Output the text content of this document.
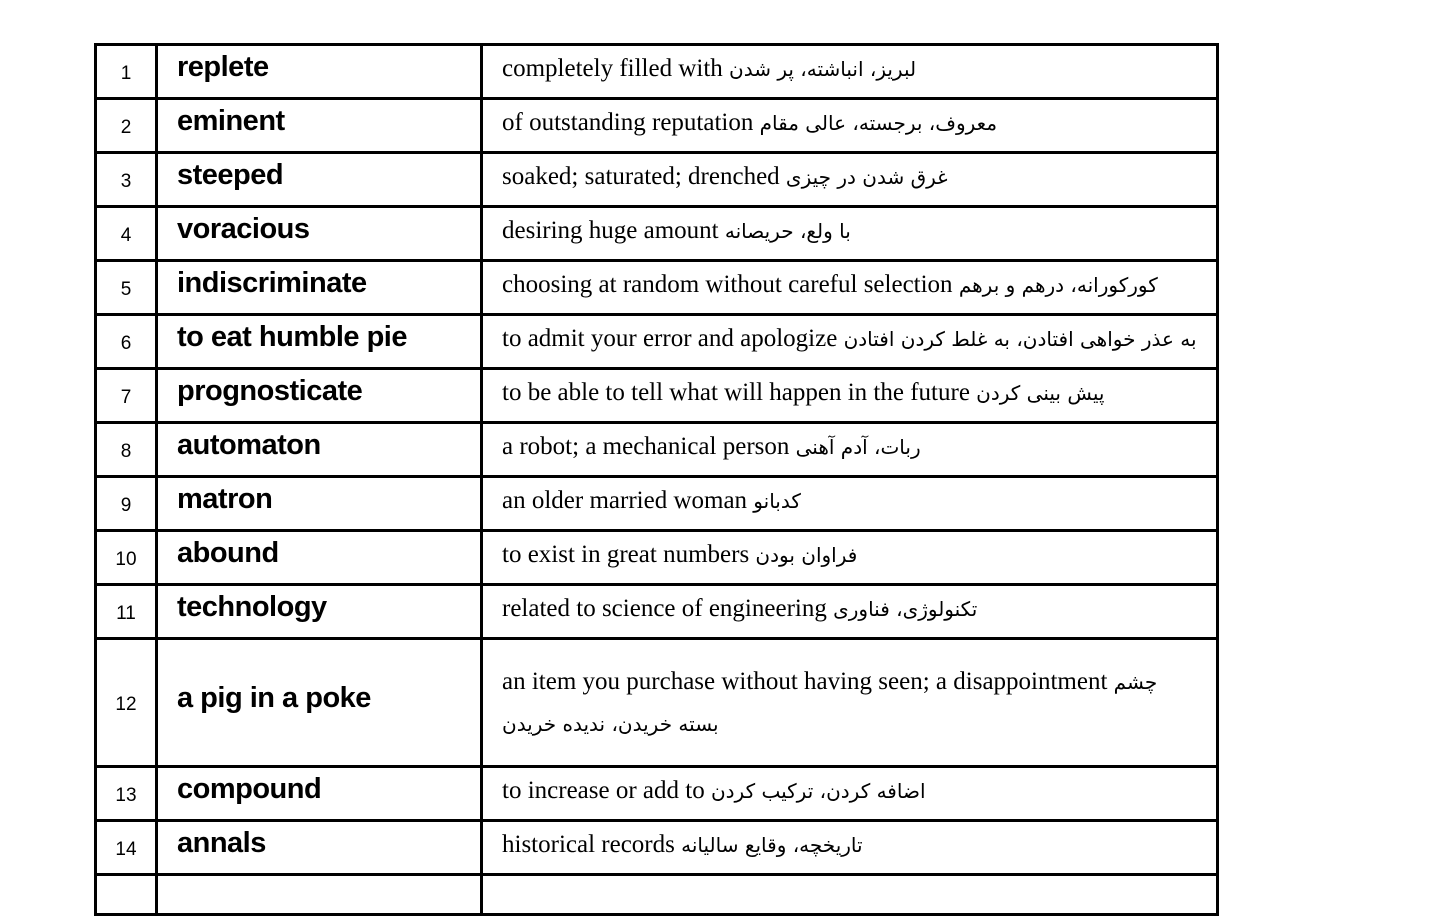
1	replete	completely filled with لبریز، انباشته، پر شدن
2	eminent	of outstanding reputation معروف، برجسته، عالی مقام
3	steeped	soaked; saturated; drenched غرق شدن در چیزی
4	voracious	desiring huge amount با ولع، حریصانه
5	indiscriminate	choosing at random without careful selection کورکورانه، درهم و برهم
6	to eat humble pie	to admit your error and apologize به عذر خواهی افتادن، به غلط کردن افتادن
7	prognosticate	to be able to tell what will happen in the future پیش بینی کردن
8	automaton	a robot; a mechanical person ربات، آدم آهنی
9	matron	an older married woman کدبانو
10	abound	to exist in great numbers فراوان بودن
11	technology	related to science of engineering تکنولوژی، فناوری
12	a pig in a poke	an item you purchase without having seen; a disappointment چشم بسته خریدن، ندیده خریدن
13	compound	to increase or add to اضافه کردن، ترکیب کردن
14	annals	historical records تاریخچه، وقایع سالیانه
